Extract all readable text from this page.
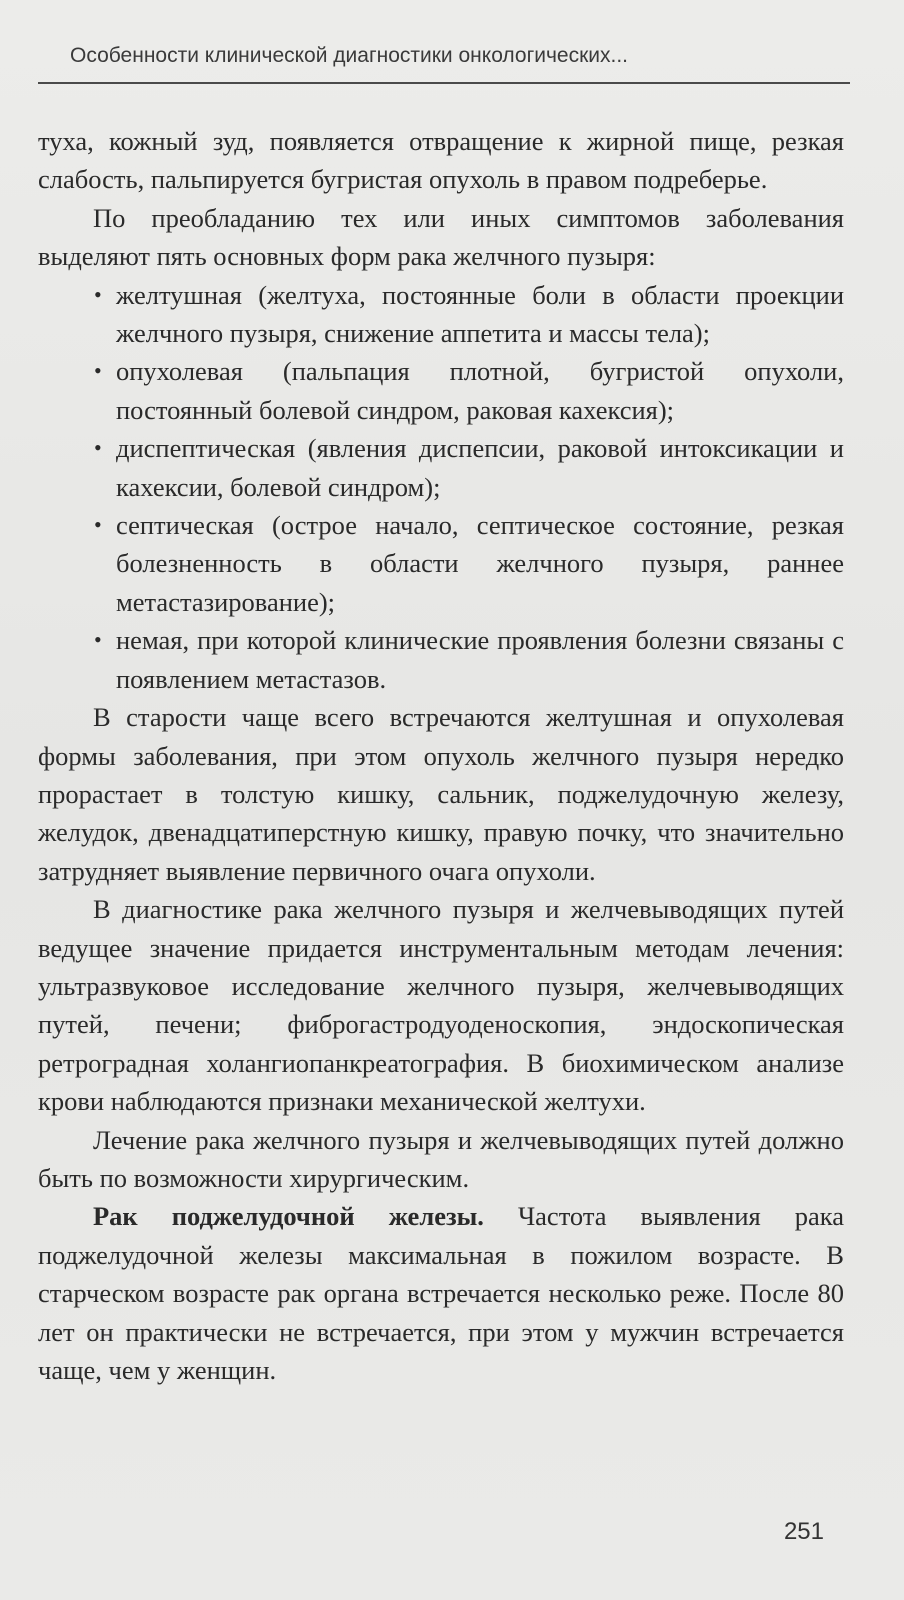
Особенности клинической диагностики онкологических...

туха, кожный зуд, появляется отвращение к жирной пище, резкая слабость, пальпируется бугристая опухоль в правом подреберье.

По преобладанию тех или иных симптомов заболевания выделяют пять основных форм рака желчного пузыря:

• желтушная (желтуха, постоянные боли в области проекции желчного пузыря, снижение аппетита и массы тела);
• опухолевая (пальпация плотной, бугристой опухоли, постоянный болевой синдром, раковая кахексия);
• диспептическая (явления диспепсии, раковой интоксикации и кахексии, болевой синдром);
• септическая (острое начало, септическое состояние, резкая болезненность в области желчного пузыря, раннее метастазирование);
• немая, при которой клинические проявления болезни связаны с появлением метастазов.

В старости чаще всего встречаются желтушная и опухолевая формы заболевания, при этом опухоль желчного пузыря нередко прорастает в толстую кишку, сальник, поджелудочную железу, желудок, двенадцатиперстную кишку, правую почку, что значительно затрудняет выявление первичного очага опухоли.

В диагностике рака желчного пузыря и желчевыводящих путей ведущее значение придается инструментальным методам лечения: ультразвуковое исследование желчного пузыря, желчевыводящих путей, печени; фиброгастродуоденоскопия, эндоскопическая ретроградная холангиопанкреатография. В биохимическом анализе крови наблюдаются признаки механической желтухи.

Лечение рака желчного пузыря и желчевыводящих путей должно быть по возможности хирургическим.

Рак поджелудочной железы. Частота выявления рака поджелудочной железы максимальная в пожилом возрасте. В старческом возрасте рак органа встречается несколько реже. После 80 лет он практически не встречается, при этом у мужчин встречается чаще, чем у женщин.

251
